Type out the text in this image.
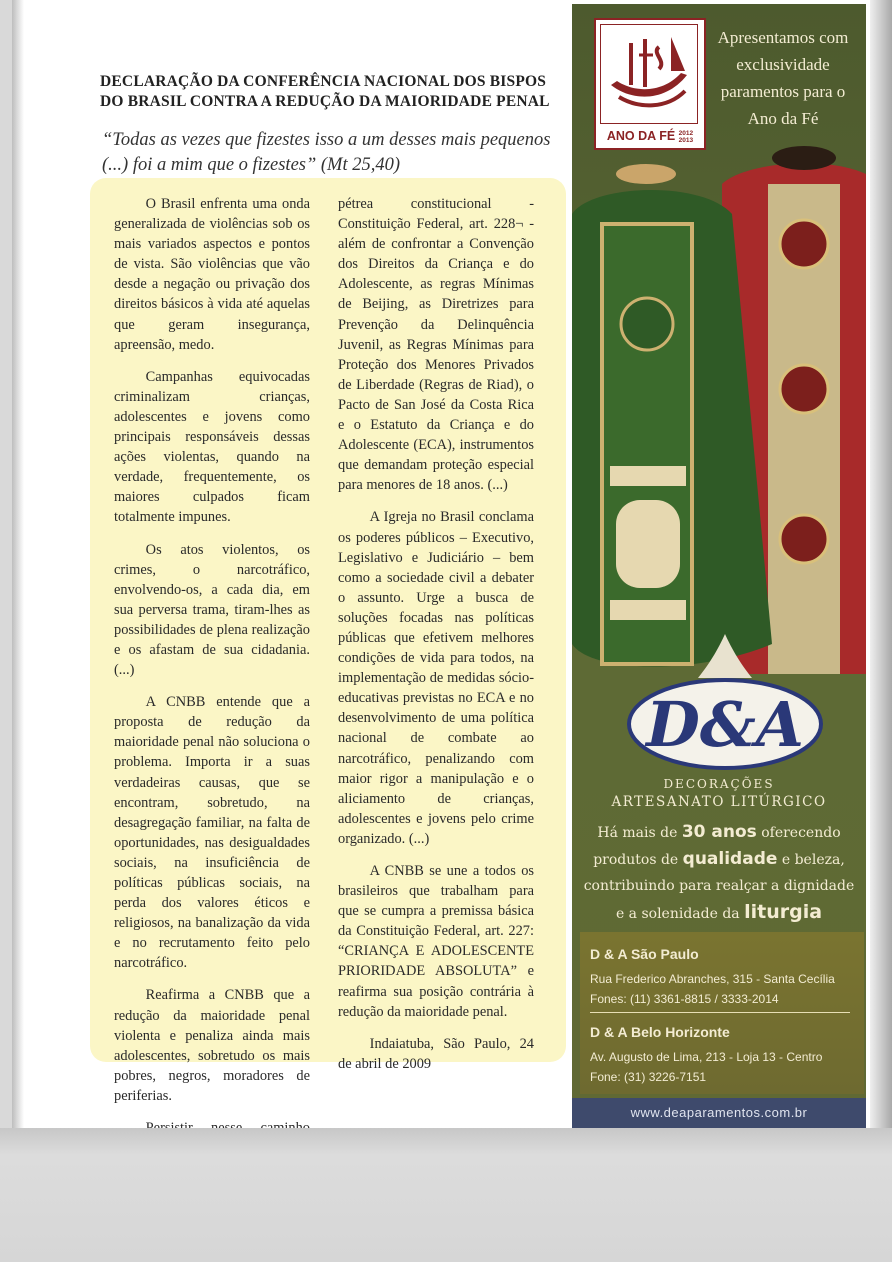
DECLARAÇÃO DA CONFERÊNCIA NACIONAL DOS BISPOS DO BRASIL CONTRA A REDUÇÃO DA MAIORIDADE PENAL
“Todas as vezes que fizestes isso a um desses mais pequenos (...) foi a mim que o fizestes” (Mt 25,40)

O Brasil enfrenta uma onda generalizada de violências sob os mais variados aspectos e pontos de vista. São violências que vão desde a negação ou privação dos direitos básicos à vida até aquelas que geram insegurança, apreensão, medo.

Campanhas equivocadas criminalizam crianças, adolescentes e jovens como principais responsáveis dessas ações violentas, quando na verdade, frequentemente, os maiores culpados ficam totalmente impunes.

Os atos violentos, os crimes, o narcotráfico, envolvendo-os, a cada dia, em sua perversa trama, tiram-lhes as possibilidades de plena realização e os afastam de sua cidadania. (...)

A CNBB entende que a proposta de redução da maioridade penal não soluciona o problema. Importa ir a suas verdadeiras causas, que se encontram, sobretudo, na desagregação familiar, na falta de oportunidades, nas desigualdades sociais, na insuficiência de políticas públicas sociais, na perda dos valores éticos e religiosos, na banalização da vida e no recrutamento feito pelo narcotráfico.

Reafirma a CNBB que a redução da maioridade penal violenta e penaliza ainda mais adolescentes, sobretudo os mais pobres, negros, moradores de periferias.

pétrea constitucional - Constituição Federal, art. 228¬ - além de confrontar a Convenção dos Direitos da Criança e do Adolescente, as regras Mínimas de Beijing, as Diretrizes para Prevenção da Delinquência Juvenil, as Regras Mínimas para Proteção dos Menores Privados de Liberdade (Regras de Riad), o Pacto de San José da Costa Rica e o Estatuto da Criança e do Adolescente (ECA), instrumentos que demandam proteção especial para menores de 18 anos. (...)

A Igreja no Brasil conclama os poderes públicos – Executivo, Legislativo e Judiciário – bem como a sociedade civil a debater o assunto. Urge a busca de soluções focadas nas políticas públicas que efetivem melhores condições de vida para todos, na implementação de medidas sócio-educativas previstas no ECA e no desenvolvimento de uma política nacional de combate ao narcotráfico, penalizando com maior rigor a manipulação e o aliciamento de crianças, adolescentes e jovens pelo crime organizado. (...)

A CNBB se une a todos os brasileiros que trabalham para que se cumpra a premissa básica da Constituição Federal, art. 227: “CRIANÇA E ADOLESCENTE PRIORIDADE ABSOLUTA” e reafirma sua posição contrária à redução da maioridade penal.

Indaiatuba, São Paulo, 24 de abril de 2009

ANO DA FÉ 2012
2013
Apresentamos com exclusividade paramentos para o Ano da Fé
D&A
DECORAÇÕES
ARTESANATO LITÚRGICO
Há mais de 30 anos oferecendo produtos de qualidade e beleza, contribuindo para realçar a dignidade e a solenidade da liturgia
D & A São Paulo
Rua Frederico Abranches, 315 - Santa Cecília
Fones: (11) 3361-8815 / 3333-2014
D & A Belo Horizonte
Av. Augusto de Lima, 213 - Loja 13 - Centro
Fone: (31) 3226-7151
www.deaparamentos.com.br
